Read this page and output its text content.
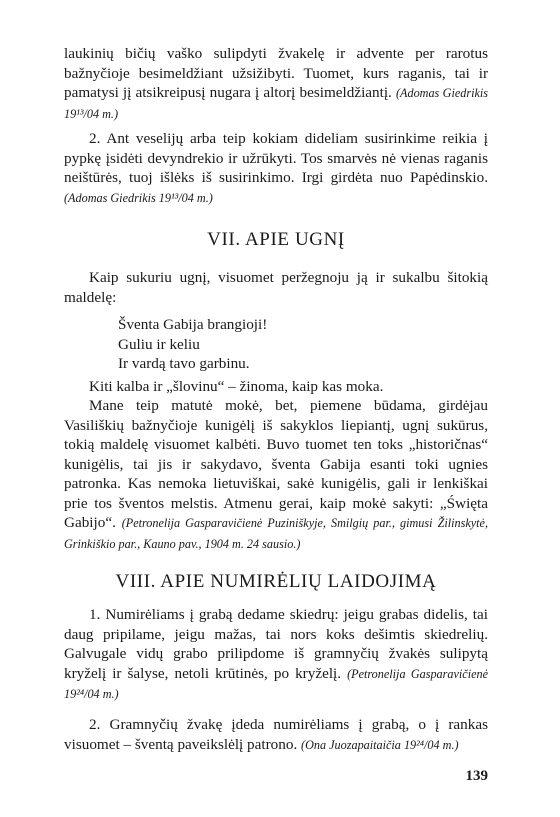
laukinių bičių vaško sulipdyti žvakelę ir advente per rarotus bažnyčioje besimeldžiant užsižibyti. Tuomet, kurs raganis, tai ir pamatysi jį atsikreipusį nugara į altorį besimeldžiantį. (Adomas Giedrikis 19¹³/04 m.)

2. Ant veselijų arba teip kokiam dideliam susirinkime reikia į pypkę įsidėti devyndrekio ir užrūkyti. Tos smarvės nė vienas raganis neištūrės, tuoj išlėks iš susirinkimo. Irgi girdėta nuo Papėdinskio. (Adomas Giedrikis 19¹³/04 m.)

VII. APIE UGNĮ

Kaip sukuriu ugnį, visuomet peržegnoju ją ir sukalbu šitokią maldelę:

Šventa Gabija brangioji!
Guliu ir keliu
Ir vardą tavo garbinu.

Kiti kalba ir „šlovinu“ – žinoma, kaip kas moka.

Mane teip matutė mokė, bet, piemene būdama, girdėjau Vasiliškių bažnyčioje kunigėlį iš sakyklos liepiantį, ugnį sukūrus, tokią maldelę visuomet kalbėti. Buvo tuomet ten toks „historičnas“ kunigėlis, tai jis ir sakydavo, šventa Gabija esanti toki ugnies patronka. Kas nemoka lietuviškai, sakė kunigėlis, gali ir lenkiškai prie tos šventos melstis. Atmenu gerai, kaip mokė sakyti: „Święta Gabijo“. (Petronelija Gasparavičienė Puziniškyje, Smilgių par., gimusi Žilinskytė, Grinkiškio par., Kauno pav., 1904 m. 24 sausio.)

VIII. APIE NUMIRĖLIŲ LAIDOJIMĄ

1. Numirėliams į grabą dedame skiedrų: jeigu grabas didelis, tai daug pripilame, jeigu mažas, tai nors koks dešimtis skiedrelių. Galvugale vidų grabo prilipdome iš gramnyčių žvakės sulipytą kryželį ir šalyse, netoli krūtinės, po kryželį. (Petronelija Gasparavičienė 19²⁴/04 m.)

2. Gramnyčių žvakę įdeda numirėliams į grabą, o į rankas visuomet – šventą paveikslėlį patrono. (Ona Juozapaitaičia 19²⁴/04 m.)

139
